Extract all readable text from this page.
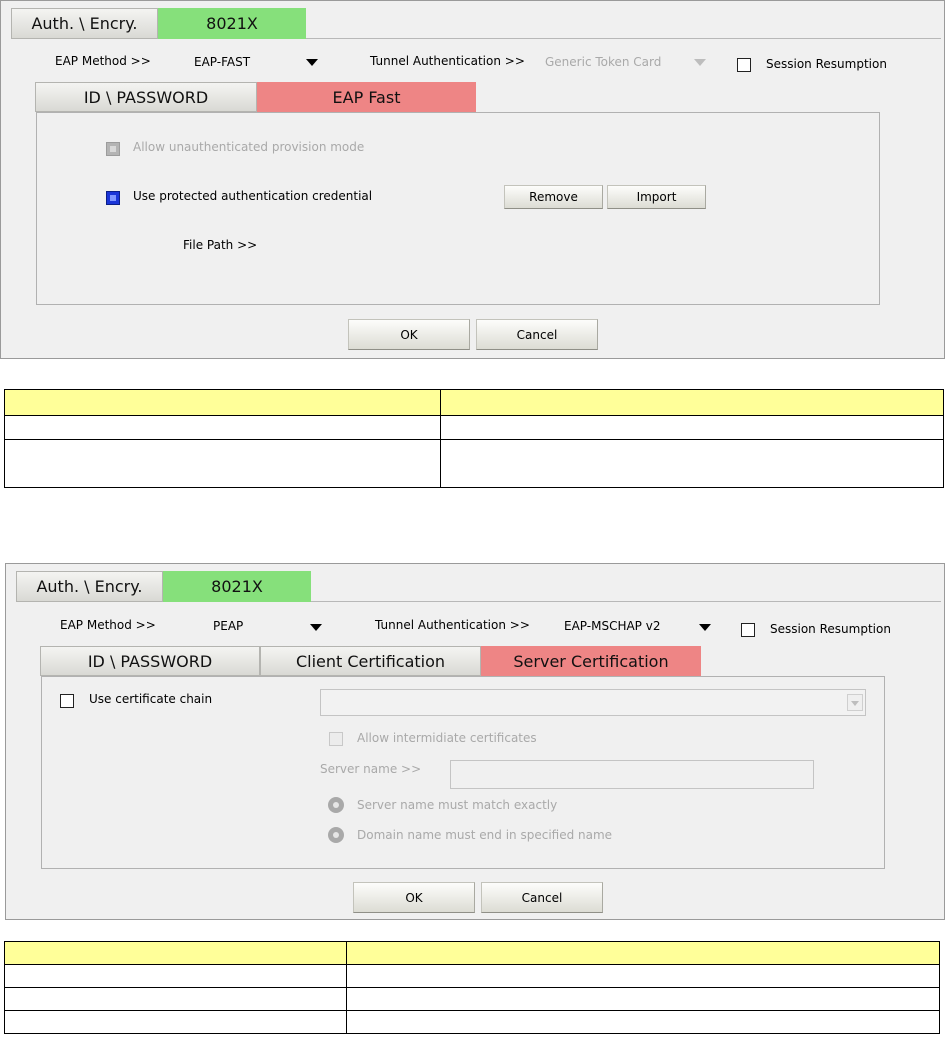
Auth. \ Encry.	8021X
EAP Method >>	EAP-FAST	Tunnel Authentication >> Generic Token Card	Session Resumption
ID \ PASSWORD	EAP Fast
Allow unauthenticated provision mode
Use protected authentication credential	Remove	Import
File Path >>
OK	Cancel

Auth. \ Encry.	8021X
EAP Method >>	PEAP	Tunnel Authentication >>	EAP-MSCHAP v2	Session Resumption
ID \ PASSWORD	Client Certification	Server Certification
Use certificate chain
Allow intermidiate certificates
Server name >>
Server name must match exactly
Domain name must end in specified name
OK	Cancel
